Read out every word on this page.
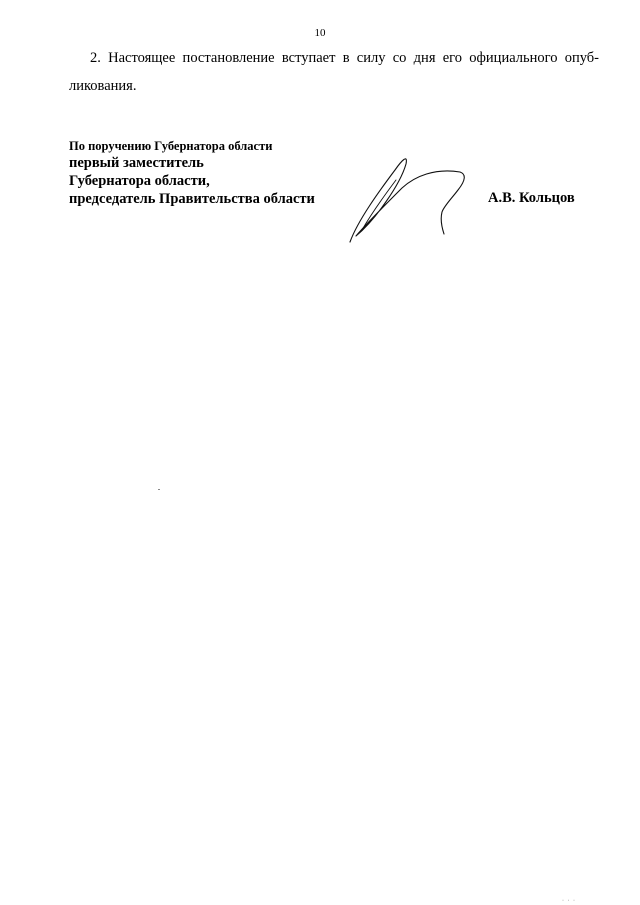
10
2. Настоящее постановление вступает в силу со дня его официального опуб-
ликования.
По поручению Губернатора области
первый заместитель
Губернатора области,
председатель Правительства области	А.В. Кольцов
· · ·
